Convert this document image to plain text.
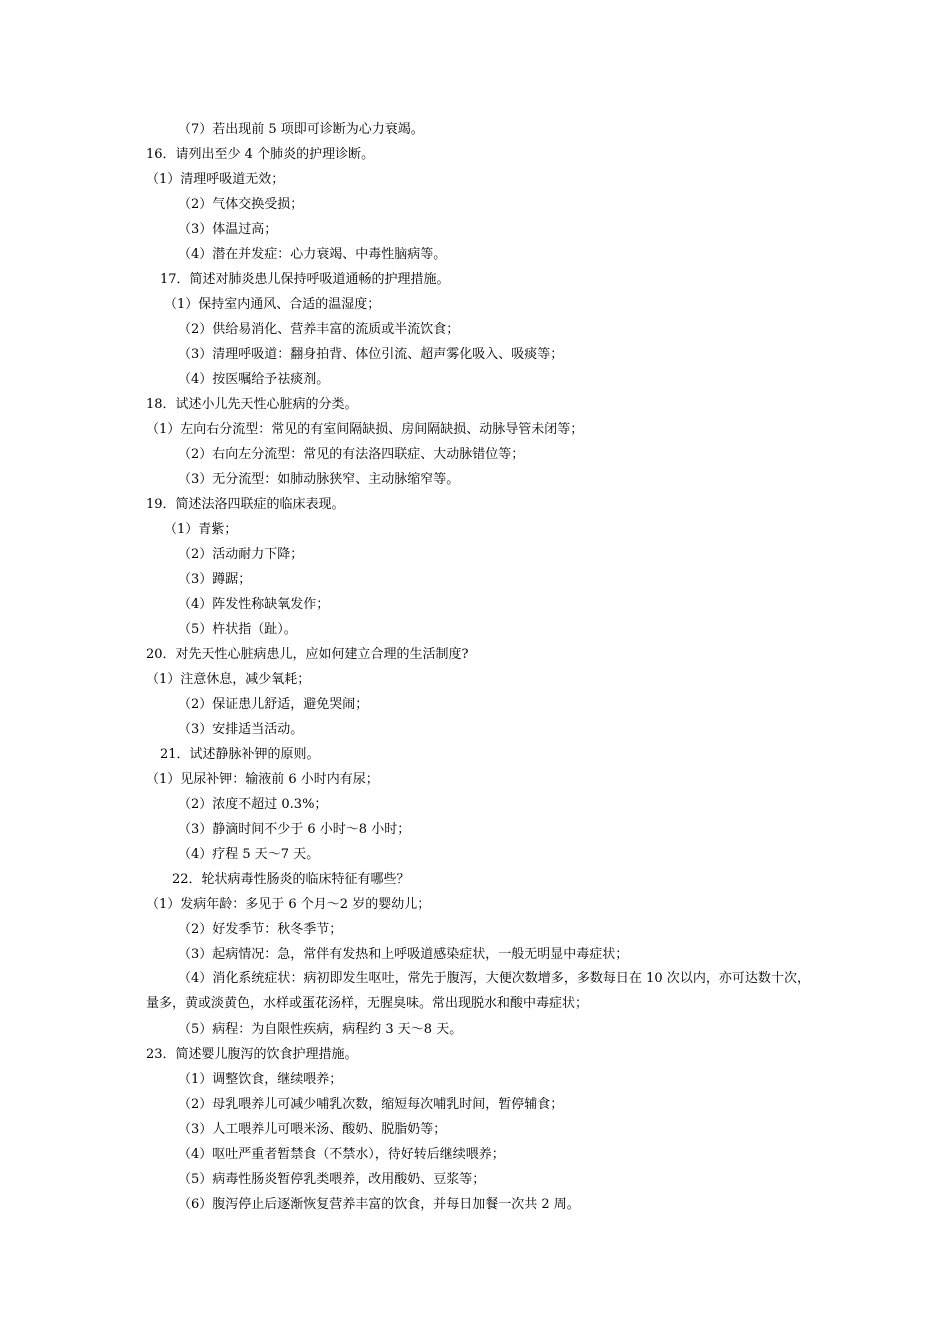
（7）若出现前 5 项即可诊断为心力衰竭。
16．请列出至少 4 个肺炎的护理诊断。
（1）清理呼吸道无效；
（2）气体交换受损；
（3）体温过高；
（4）潜在并发症：心力衰竭、中毒性脑病等。
17．简述对肺炎患儿保持呼吸道通畅的护理措施。
（1）保持室内通风、合适的温湿度；
（2）供给易消化、营养丰富的流质或半流饮食；
（3）清理呼吸道：翻身拍背、体位引流、超声雾化吸入、吸痰等；
（4）按医嘱给予祛痰剂。
18．试述小儿先天性心脏病的分类。
（1）左向右分流型：常见的有室间隔缺损、房间隔缺损、动脉导管未闭等；
（2）右向左分流型：常见的有法洛四联症、大动脉错位等；
（3）无分流型：如肺动脉狭窄、主动脉缩窄等。
19．简述法洛四联症的临床表现。
（1）青紫；
（2）活动耐力下降；
（3）蹲踞；
（4）阵发性称缺氧发作；
（5）杵状指（趾）。
20．对先天性心脏病患儿，应如何建立合理的生活制度?
（1）注意休息，减少氧耗；
（2）保证患儿舒适，避免哭闹；
（3）安排适当活动。
21．试述静脉补钾的原则。
（1）见尿补钾：输液前 6 小时内有尿；
（2）浓度不超过 0.3%；
（3）静滴时间不少于 6 小时～8 小时；
（4）疗程 5 天～7 天。
22．轮状病毒性肠炎的临床特征有哪些？
（1）发病年龄：多见于 6 个月～2 岁的婴幼儿；
（2）好发季节：秋冬季节；
（3）起病情况：急，常伴有发热和上呼吸道感染症状，一般无明显中毒症状；
（4）消化系统症状：病初即发生呕吐，常先于腹泻，大便次数增多，多数每日在 10 次以内，亦可达数十次，量多，黄或淡黄色，水样或蛋花汤样，无腥臭味。常出现脱水和酸中毒症状；
（5）病程：为自限性疾病，病程约 3 天～8 天。
23．简述婴儿腹泻的饮食护理措施。
（1）调整饮食，继续喂养；
（2）母乳喂养儿可减少哺乳次数，缩短每次哺乳时间，暂停辅食；
（3）人工喂养儿可喂米汤、酸奶、脱脂奶等；
（4）呕吐严重者暂禁食（不禁水），待好转后继续喂养；
（5）病毒性肠炎暂停乳类喂养，改用酸奶、豆浆等；
（6）腹泻停止后逐渐恢复营养丰富的饮食，并每日加餐一次共 2 周。
